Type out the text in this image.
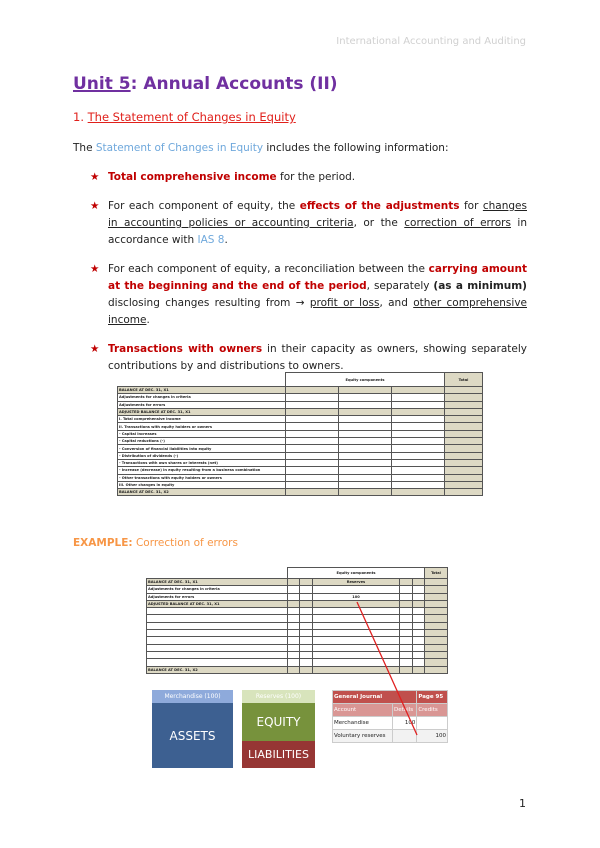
International Accounting and Auditing
Unit 5: Annual Accounts (II)
1. The Statement of Changes in Equity
The Statement of Changes in Equity includes the following information:
★ Total comprehensive income for the period.
★ For each component of equity, the effects of the adjustments for changes in accounting policies or accounting criteria, or the correction of errors in accordance with IAS 8.
★ For each component of equity, a reconciliation between the carrying amount at the beginning and the end of the period, separately (as a minimum) disclosing changes resulting from → profit or loss, and other comprehensive income.
★ Transactions with owners in their capacity as owners, showing separately contributions by and distributions to owners.
	Equity components			Total
BALANCE AT DEC. 31, X1				
Adjustments for changes in criteria				
Adjustments for errors				
ADJUSTED BALANCE AT DEC. 31, X1				
I. Total comprehensive income				
II. Transactions with equity holders or owners				
- Capital increases				
- Capital reductions (-)				
- Conversion of financial liabilities into equity				
- Distribution of dividends (-)				
- Transactions with own shares or interests (net)				
- Increase (decrease) in equity resulting from a business combination				
- Other transactions with equity holders or owners				
III. Other changes in equity				
BALANCE AT DEC. 31, X2				
EXAMPLE: Correction of errors
	Equity components					Total
BALANCE AT DEC. 31, X1			Reserves			
Adjustments for changes in criteria						
Adjustments for errors			100			
ADJUSTED BALANCE AT DEC. 31, X1						

BALANCE AT DEC. 31, X2						
Merchandise (100)
ASSETS
Reserves (100)
EQUITY
LIABILITIES
General Journal		Page 95
Account	Details	Credits
Merchandise	100	
Voluntary reserves		100
1
